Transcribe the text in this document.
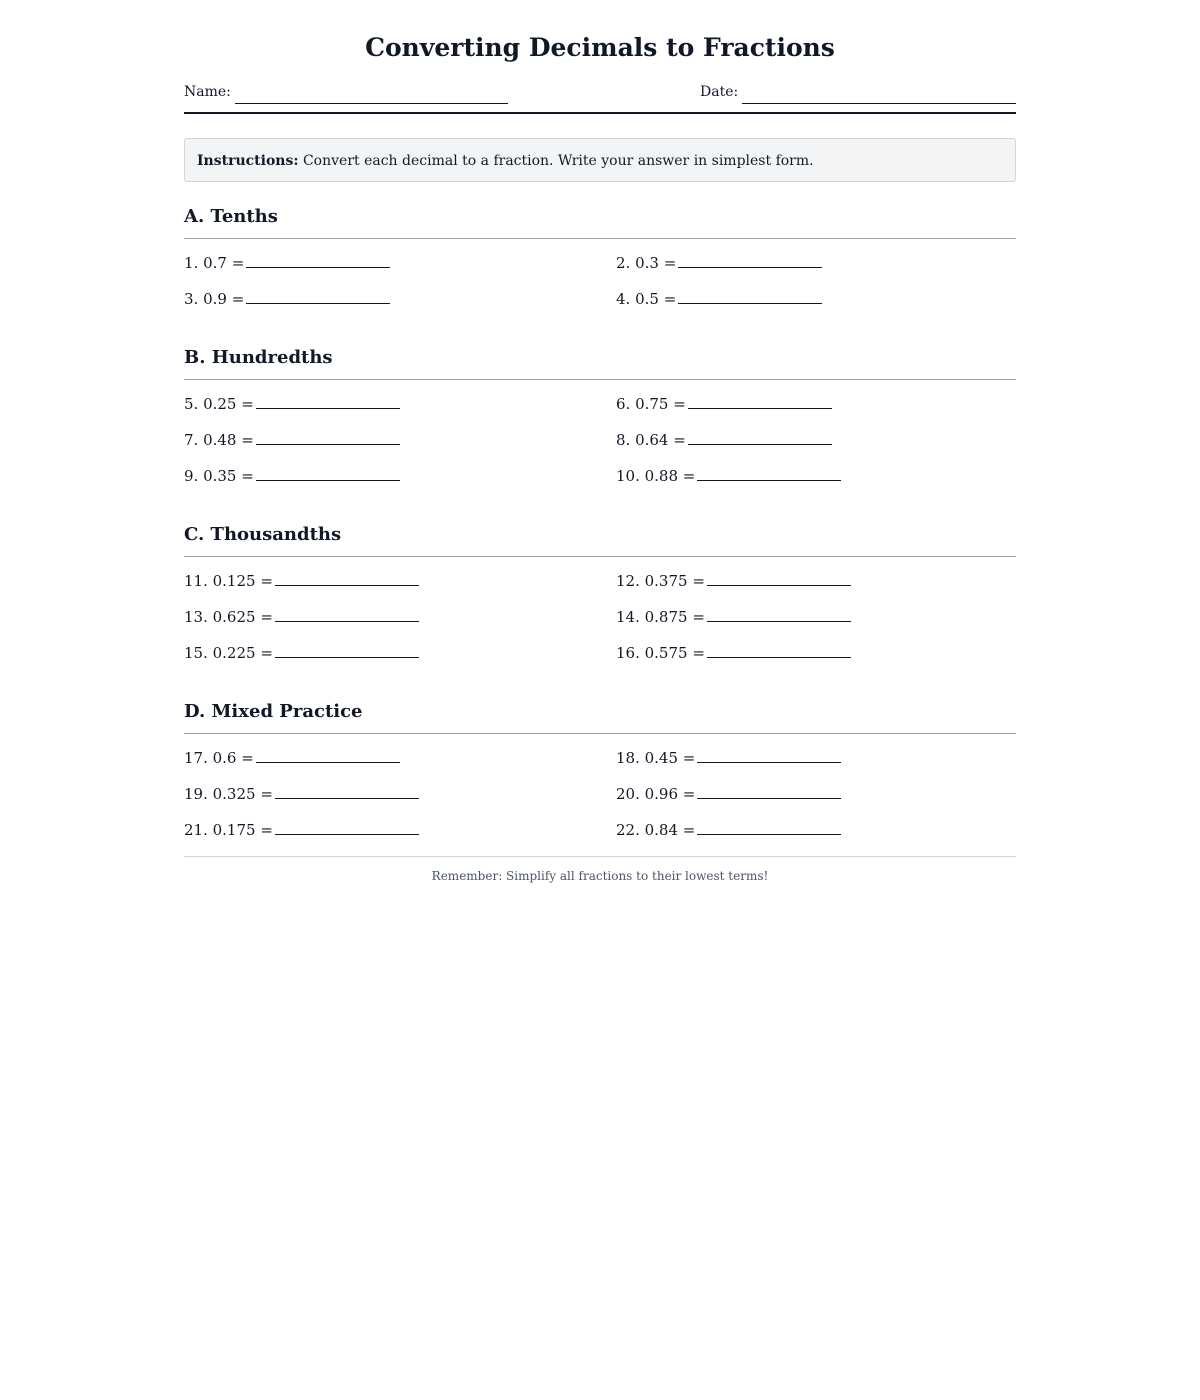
Converting Decimals to Fractions
Name:	Date:
Instructions: Convert each decimal to a fraction. Write your answer in simplest form.
A. Tenths
1. 0.7 =	2. 0.3 =
3. 0.9 =	4. 0.5 =
B. Hundredths
5. 0.25 =	6. 0.75 =
7. 0.48 =	8. 0.64 =
9. 0.35 =	10. 0.88 =
C. Thousandths
11. 0.125 =	12. 0.375 =
13. 0.625 =	14. 0.875 =
15. 0.225 =	16. 0.575 =
D. Mixed Practice
17. 0.6 =	18. 0.45 =
19. 0.325 =	20. 0.96 =
21. 0.175 =	22. 0.84 =
Remember: Simplify all fractions to their lowest terms!
